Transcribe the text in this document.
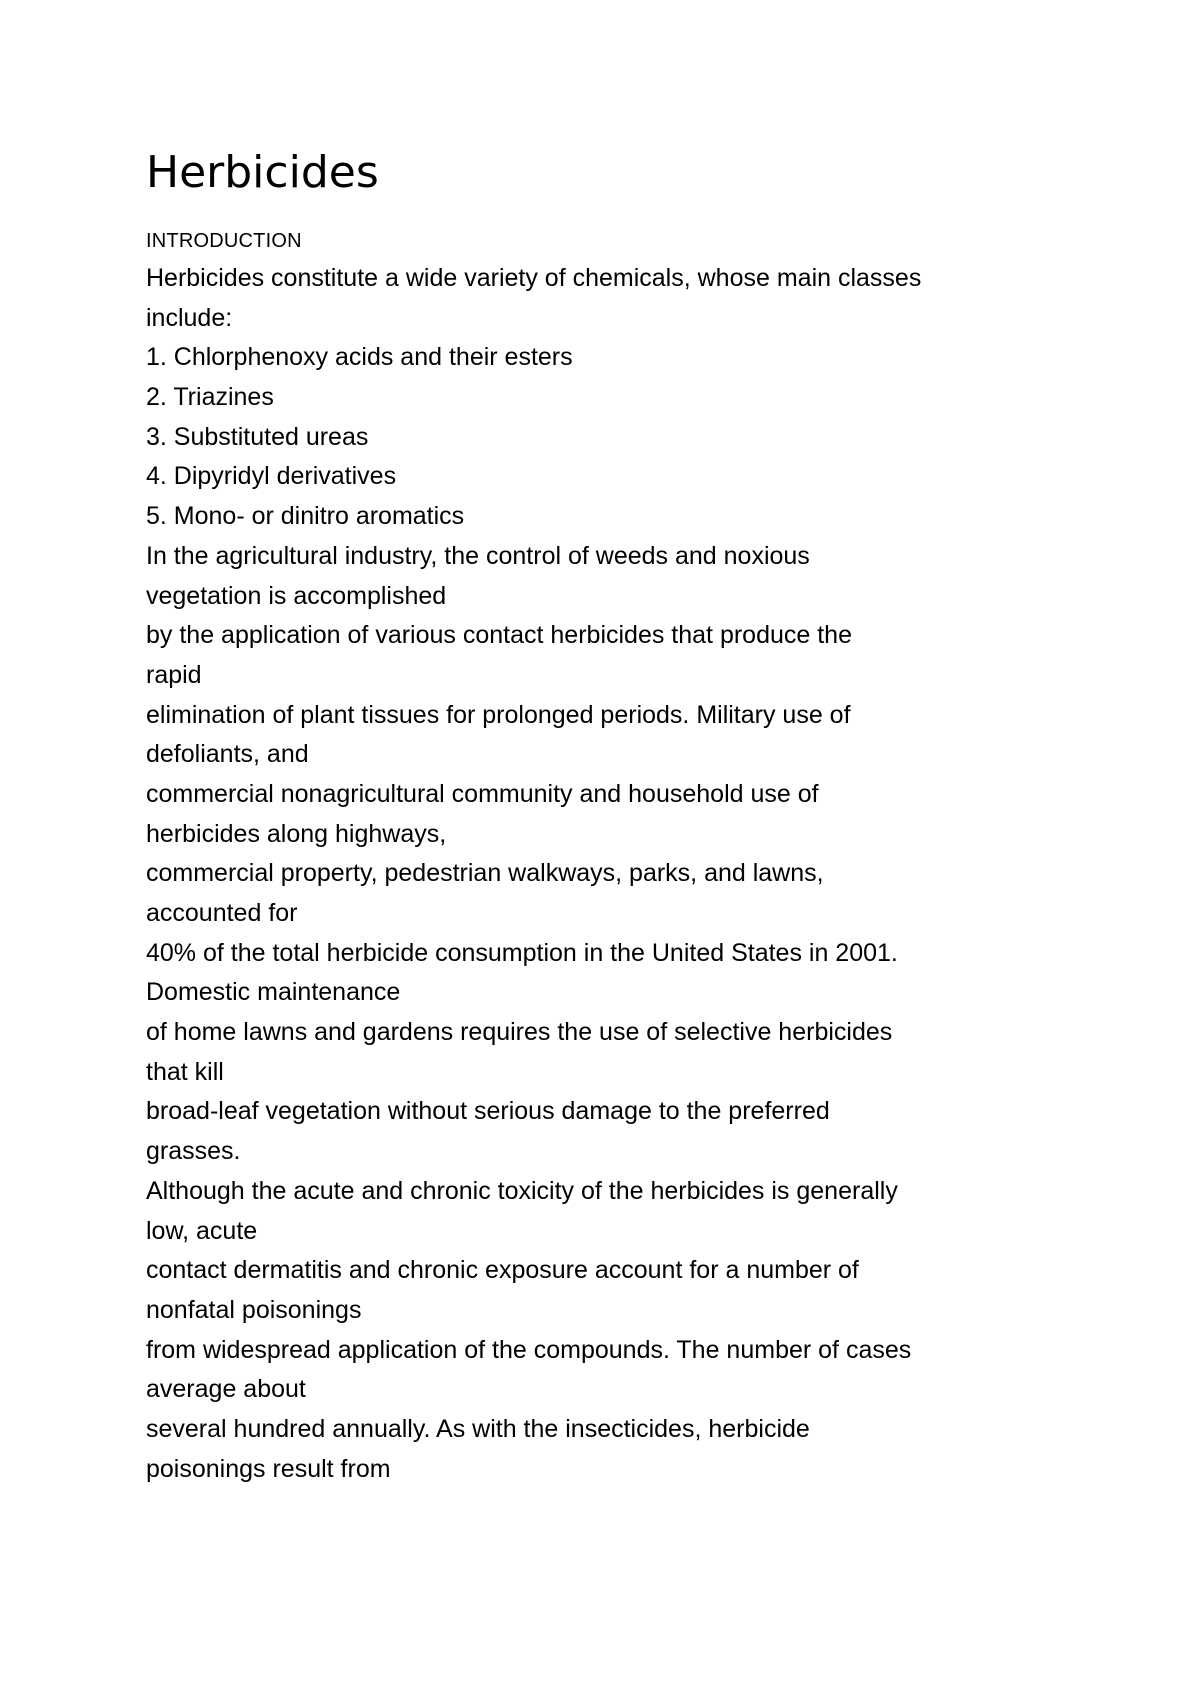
Herbicides
INTRODUCTION
Herbicides constitute a wide variety of chemicals, whose main classes
include:
1. Chlorphenoxy acids and their esters
2. Triazines
3. Substituted ureas
4. Dipyridyl derivatives
5. Mono- or dinitro aromatics
In the agricultural industry, the control of weeds and noxious
vegetation is accomplished
by the application of various contact herbicides that produce the
rapid
elimination of plant tissues for prolonged periods. Military use of
defoliants, and
commercial nonagricultural community and household use of
herbicides along highways,
commercial property, pedestrian walkways, parks, and lawns,
accounted for
40% of the total herbicide consumption in the United States in 2001.
Domestic maintenance
of home lawns and gardens requires the use of selective herbicides
that kill
broad-leaf vegetation without serious damage to the preferred
grasses.
Although the acute and chronic toxicity of the herbicides is generally
low, acute
contact dermatitis and chronic exposure account for a number of
nonfatal poisonings
from widespread application of the compounds. The number of cases
average about
several hundred annually. As with the insecticides, herbicide
poisonings result from
